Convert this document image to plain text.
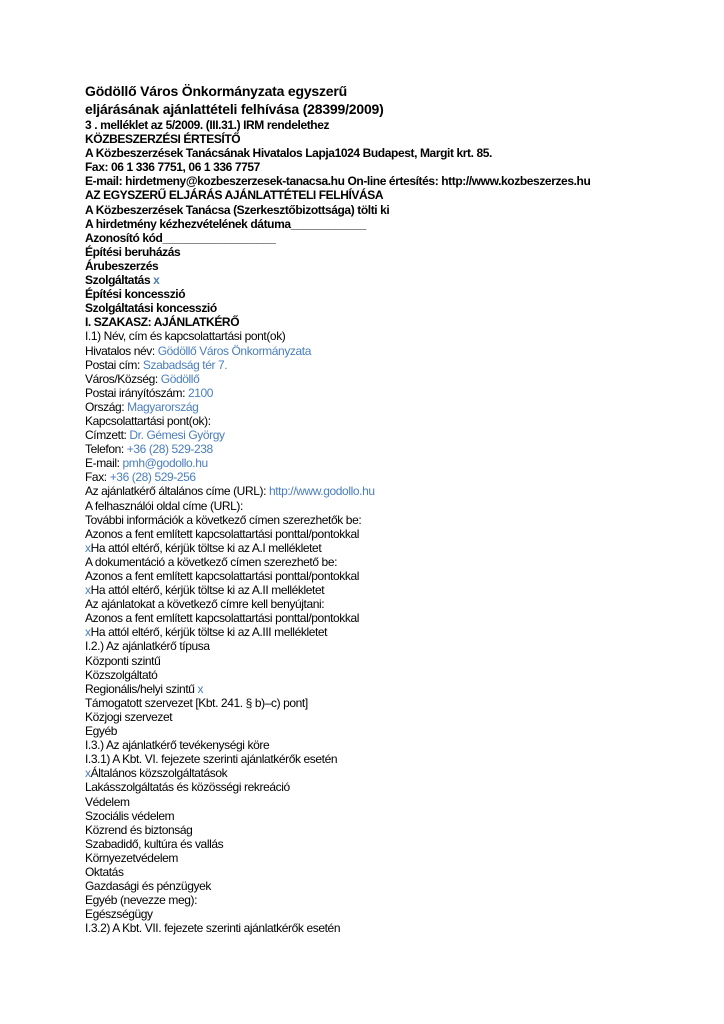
Gödöllő Város Önkormányzata egyszerű
eljárásának ajánlattételi felhívása (28399/2009)
3 . melléklet az 5/2009. (III.31.) IRM rendelethez
KÖZBESZERZÉSI ÉRTESÍTŐ
A Közbeszerzések Tanácsának Hivatalos Lapja1024 Budapest, Margit krt. 85.
Fax: 06 1 336 7751, 06 1 336 7757
E-mail: hirdetmeny@kozbeszerzesek-tanacsa.hu On-line értesítés: http://www.kozbeszerzes.hu
AZ EGYSZERŰ ELJÁRÁS AJÁNLATTÉTELI FELHÍVÁSA
A Közbeszerzések Tanácsa (Szerkesztőbizottsága) tölti ki
A hirdetmény kézhezvételének dátuma____________
Azonosító kód__________________
Építési beruházás
Árubeszerzés
Szolgáltatás x
Építési koncesszió
Szolgáltatási koncesszió
I. SZAKASZ: AJÁNLATKÉRŐ
I.1) Név, cím és kapcsolattartási pont(ok)
Hivatalos név: Gödöllő Város Önkormányzata
Postai cím: Szabadság tér 7.
Város/Község: Gödöllő
Postai irányítószám: 2100
Ország: Magyarország
Kapcsolattartási pont(ok):
Címzett: Dr. Gémesi György
Telefon: +36 (28) 529-238
E-mail: pmh@godollo.hu
Fax: +36 (28) 529-256
Az ajánlatkérő általános címe (URL): http://www.godollo.hu
A felhasználói oldal címe (URL):
További információk a következő címen szerezhetők be:
Azonos a fent említett kapcsolattartási ponttal/pontokkal
xHa attól eltérő, kérjük töltse ki az A.I mellékletet
A dokumentáció a következő címen szerezhető be:
Azonos a fent említett kapcsolattartási ponttal/pontokkal
xHa attól eltérő, kérjük töltse ki az A.II mellékletet
Az ajánlatokat a következő címre kell benyújtani:
Azonos a fent említett kapcsolattartási ponttal/pontokkal
xHa attól eltérő, kérjük töltse ki az A.III mellékletet
I.2.) Az ajánlatkérő típusa
Központi szintű
Közszolgáltató
Regionális/helyi szintű x
Támogatott szervezet [Kbt. 241. § b)–c) pont]
Közjogi szervezet
Egyéb
I.3.) Az ajánlatkérő tevékenységi köre
I.3.1) A Kbt. VI. fejezete szerinti ajánlatkérők esetén
xÁltalános közszolgáltatások
Lakásszolgáltatás és közösségi rekreáció
Védelem
Szociális védelem
Közrend és biztonság
Szabadidő, kultúra és vallás
Környezetvédelem
Oktatás
Gazdasági és pénzügyek
Egyéb (nevezze meg):
Egészségügy
I.3.2) A Kbt. VII. fejezete szerinti ajánlatkérők esetén
